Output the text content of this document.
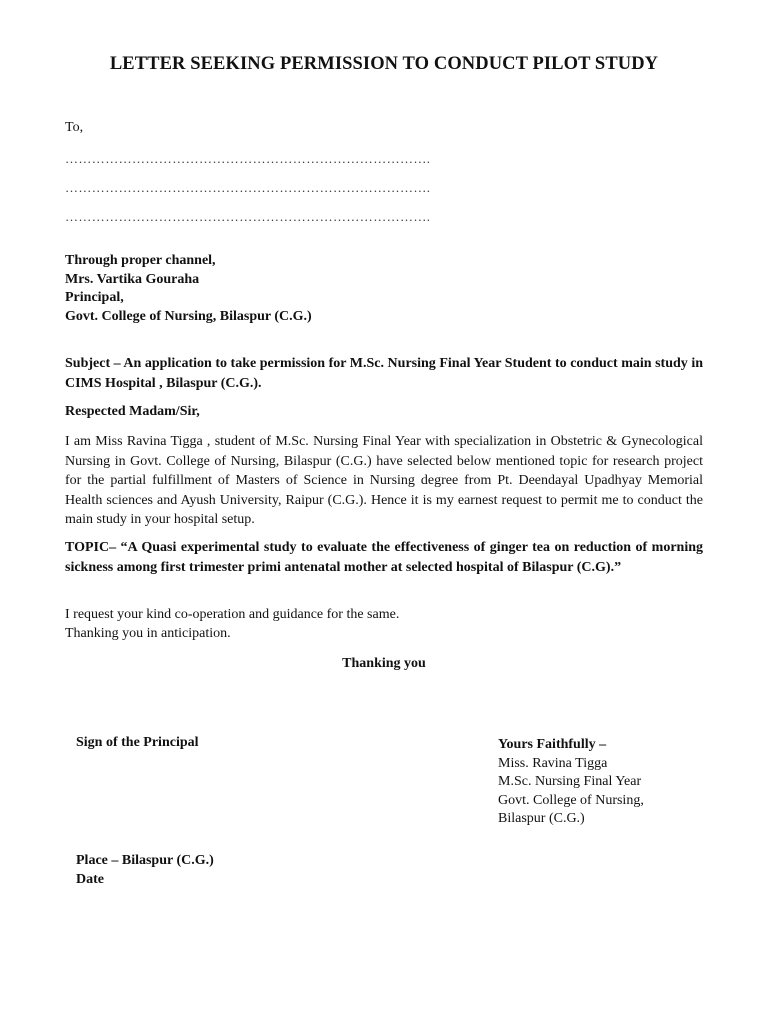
LETTER SEEKING PERMISSION TO CONDUCT PILOT STUDY
To,
……………………………………………………………………….
……………………………………………………………………….
……………………………………………………………………….
Through proper channel,
Mrs. Vartika Gouraha
Principal,
Govt. College of Nursing, Bilaspur (C.G.)
Subject – An application to take permission for M.Sc. Nursing Final Year Student to conduct main study in CIMS Hospital , Bilaspur (C.G.).
Respected Madam/Sir,
I am Miss Ravina Tigga , student of M.Sc. Nursing Final Year with specialization in Obstetric & Gynecological Nursing in Govt. College of Nursing, Bilaspur (C.G.) have selected below mentioned topic for research project for the partial fulfillment of Masters of Science in Nursing degree from Pt. Deendayal Upadhyay Memorial Health sciences and Ayush University, Raipur (C.G.). Hence it is my earnest request to permit me to conduct the main study in your hospital setup.
TOPIC– “A Quasi experimental study to evaluate the effectiveness of ginger tea on reduction of morning sickness among first trimester primi antenatal mother at selected hospital of Bilaspur (C.G).”
I request your kind co-operation and guidance for the same.
Thanking you in anticipation.
Thanking you
Sign of the Principal	Yours Faithfully –
Miss. Ravina Tigga
M.Sc. Nursing Final Year
Govt. College of Nursing,
Bilaspur (C.G.)
Place – Bilaspur (C.G.)
Date
